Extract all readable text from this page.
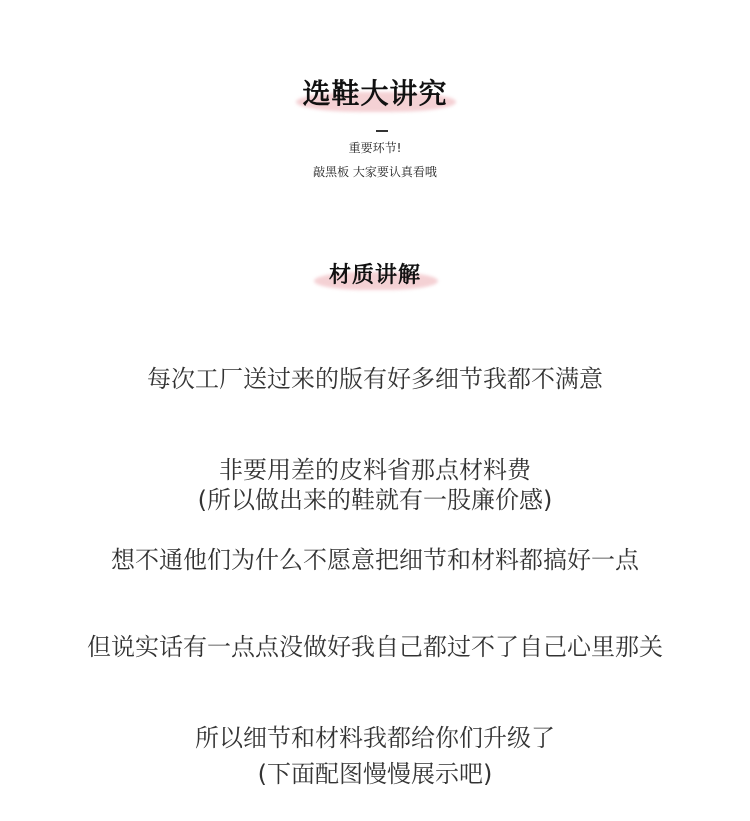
选鞋大讲究
重要环节!
敲黑板 大家要认真看哦
材质讲解
每次工厂送过来的版有好多细节我都不满意
非要用差的皮料省那点材料费
(所以做出来的鞋就有一股廉价感)
想不通他们为什么不愿意把细节和材料都搞好一点
但说实话有一点点没做好我自己都过不了自己心里那关
所以细节和材料我都给你们升级了
(下面配图慢慢展示吧)
